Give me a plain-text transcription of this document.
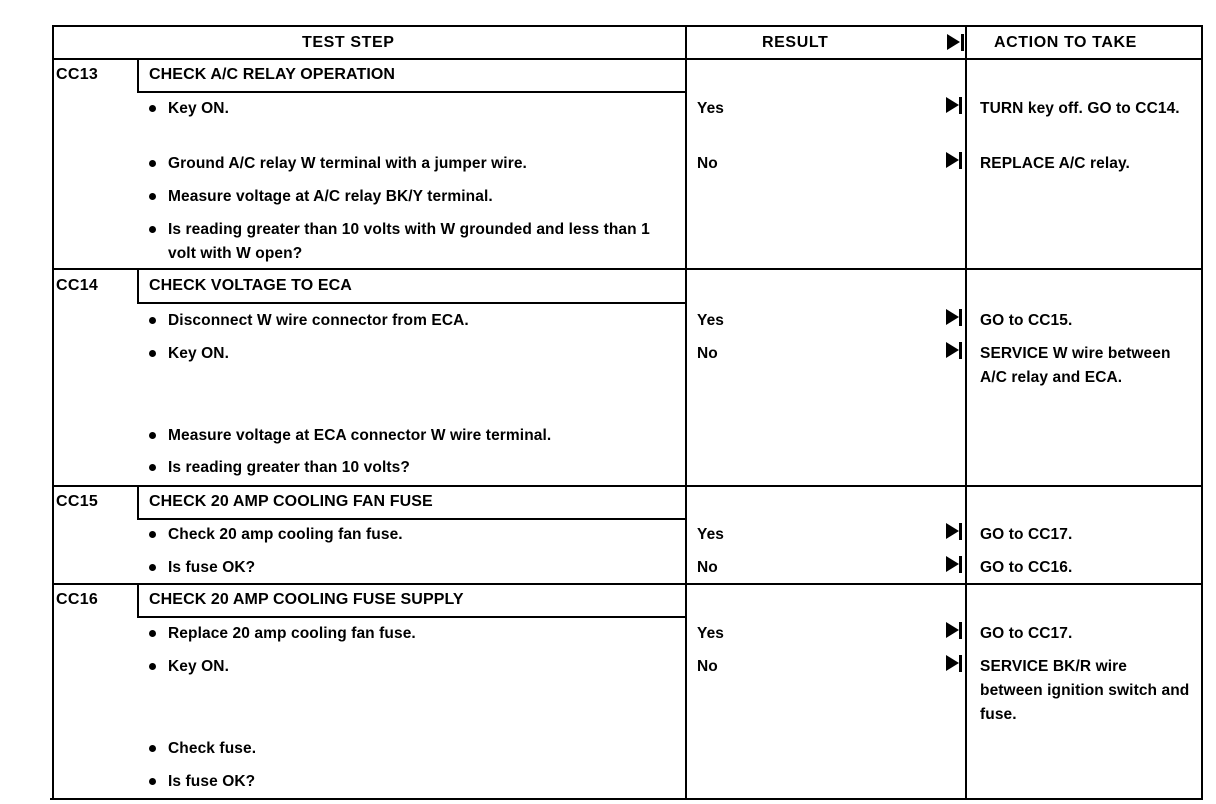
TEST STEP	RESULT	ACTION TO TAKE
CC13	CHECK A/C RELAY OPERATION
Key ON.
Ground A/C relay W terminal with a jumper wire.
Measure voltage at A/C relay BK/Y terminal.
Is reading greater than 10 volts with W grounded and less than 1 volt with W open?
Yes	TURN key off. GO to CC14.
No	REPLACE A/C relay.
CC14	CHECK VOLTAGE TO ECA
Disconnect W wire connector from ECA.
Key ON.
Measure voltage at ECA connector W wire terminal.
Is reading greater than 10 volts?
Yes	GO to CC15.
No	SERVICE W wire between A/C relay and ECA.
CC15	CHECK 20 AMP COOLING FAN FUSE
Check 20 amp cooling fan fuse.
Is fuse OK?
Yes	GO to CC17.
No	GO to CC16.
CC16	CHECK 20 AMP COOLING FUSE SUPPLY
Replace 20 amp cooling fan fuse.
Key ON.
Check fuse.
Is fuse OK?
Yes	GO to CC17.
No	SERVICE BK/R wire between ignition switch and fuse.
